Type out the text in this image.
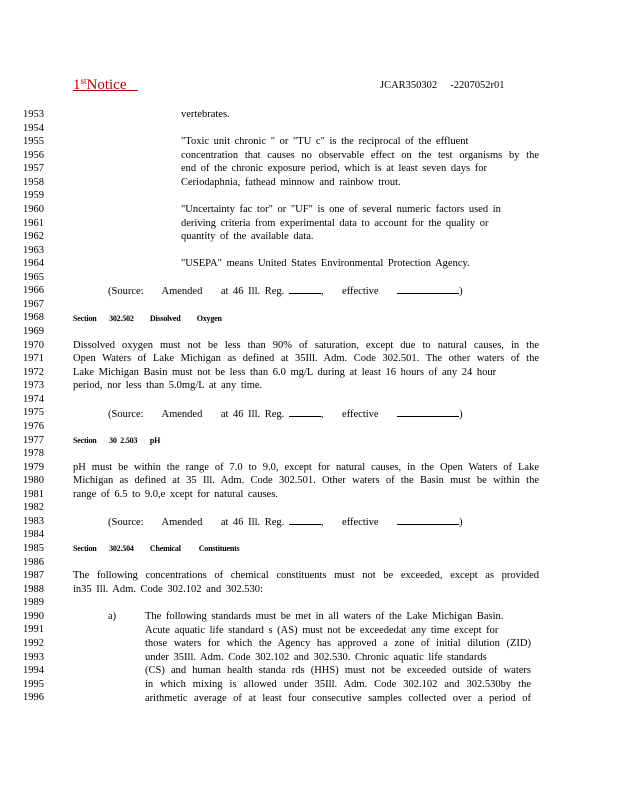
1stNotice	JCAR350302     -2207052r01
1953
1954
1955
1956
1957
1958
1959
1960
1961
1962
1963
1964
1965
1966
1967
1968
1969
1970
1971
1972
1973
1974
1975
1976
1977
1978
1979
1980
1981
1982
1983
1984
1985
1986
1987
1988
1989
1990
1991
1992
1993
1994
1995
1996
vertebrates.
"Toxic unit chronic " or "TU c" is the reciprocal of the effluent
concentration that causes no observable effect on the test organisms by the
end of the chronic exposure period, which is at least seven days for
Ceriodaphnia, fathead minnow and rainbow trout.
"Uncertainty fac tor" or "UF" is one of several numeric factors used in
deriving criteria from experimental data to account for the quality or
quantity of the available data.
"USEPA" means United States Environmental Protection Agency.
(Source: Amended at 46 Ill. Reg.	,    effective	)
Section       302.502         Dissolved         Oxygen
Dissolved oxygen must not be less than 90% of saturation, except due to natural causes, in the
Open Waters of Lake Michigan as defined at 35Ill. Adm. Code 302.501. The other waters of the
Lake Michigan Basin must not be less than 6.0 mg/L during at least 16 hours of any 24 hour
period, nor less than 5.0mg/L at any time.
(Source: Amended at 46 Ill. Reg.	,    effective	)
Section       30  2.503       pH
pH must be within the range of 7.0 to 9.0, except for natural causes, in the Open Waters of Lake
Michigan as defined at 35 Ill. Adm. Code 302.501. Other waters of the Basin must be within the
range of 6.5 to 9.0,e xcept for natural causes.
(Source: Amended at 46 Ill. Reg.	,    effective	)
Section       302.504         Chemical          Constituents
The following concentrations of chemical constituents must not be exceeded, except as provided
in35 Ill. Adm. Code 302.102 and 302.530:
a)	The following standards must be met in all waters of the Lake Michigan Basin.
Acute aquatic life standard s (AS) must not be exceededat any time except for
those waters for which the Agency has approved a zone of initial dilution (ZID)
under 35Ill. Adm. Code 302.102 and 302.530. Chronic aquatic life standards
(CS) and human health standa rds (HHS) must not be exceeded outside of waters
in which mixing is allowed under 35Ill. Adm. Code 302.102 and 302.530by the
arithmetic average of at least four consecutive samples collected over a period of
